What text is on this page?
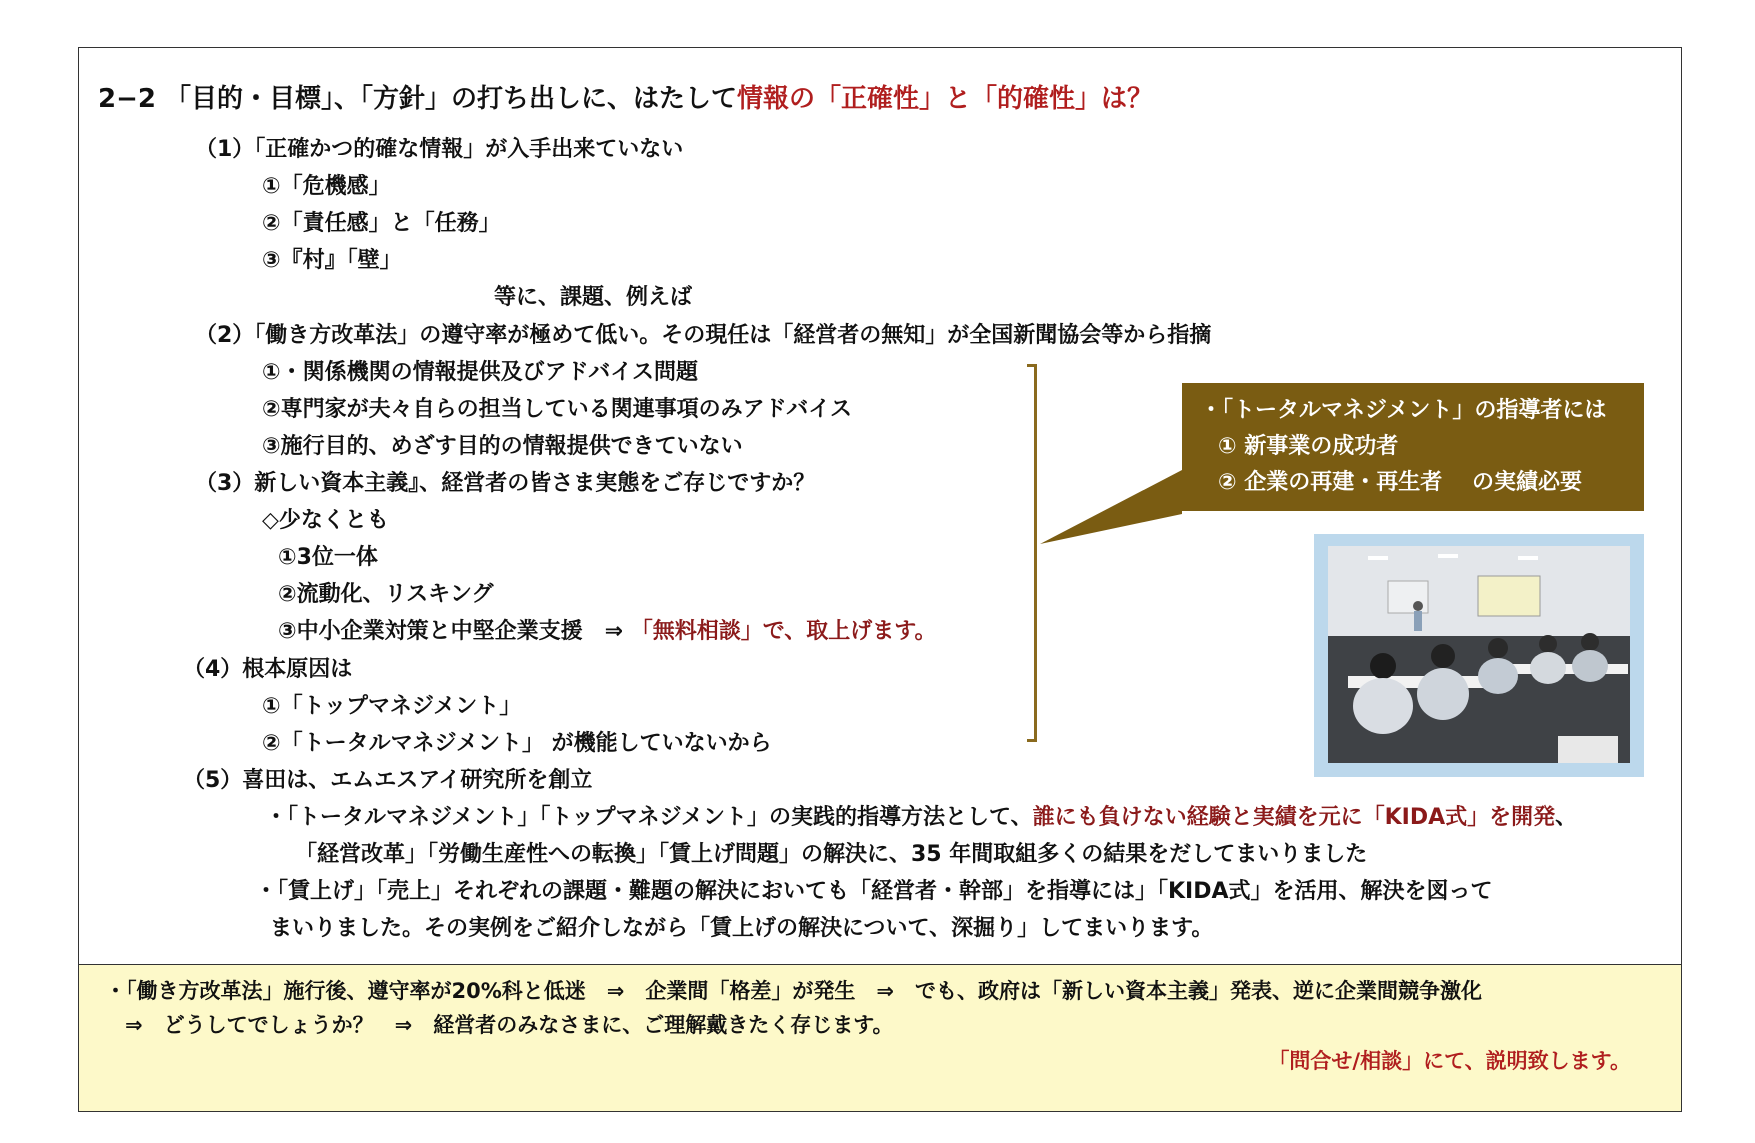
2−2 「目的・目標」、「方針」の打ち出しに、はたして情報の「正確性」と「的確性」は？
（1）「正確かつ的確な情報」が入手出来ていない
①「危機感」
②「責任感」と「任務」
③『村』「壁」
等に、課題、例えば
（2）「働き方改革法」の遵守率が極めて低い。その現任は「経営者の無知」が全国新聞協会等から指摘
①・関係機関の情報提供及びアドバイス問題
②専門家が夫々自らの担当している関連事項のみアドバイス
③施行目的、めざす目的の情報提供できていない
（3）新しい資本主義』、経営者の皆さま実態をご存じですか？
◇少なくとも
①3位一体
②流動化、リスキング
③中小企業対策と中堅企業支援　⇒ 「無料相談」で、取上げます。
（4）根本原因は
①「トップマネジメント」
②「トータルマネジメント」 が機能していないから
（5）喜田は、エムエスアイ研究所を創立
・「トータルマネジメント」「トップマネジメント」の実践的指導方法として、誰にも負けない経験と実績を元に「KIDA式」を開発、
「経営改革」「労働生産性への転換」「賃上げ問題」の解決に、35 年間取組多くの結果をだしてまいりました
・「賃上げ」「売上」それぞれの課題・難題の解決においても「経営者・幹部」を指導には」「KIDA式」を活用、解決を図って
まいりました。その実例をご紹介しながら「賃上げの解決について、深掘り」してまいります。
・「トータルマネジメント」の指導者には
① 新事業の成功者
② 企業の再建・再生者　 の実績必要
・「働き方改革法」施行後、遵守率が20%科と低迷　⇒　企業間「格差」が発生　⇒　でも、政府は「新しい資本主義」発表、逆に企業間競争激化
⇒　どうしてでしょうか？　⇒　経営者のみなさまに、ご理解戴きたく存じます。
「問合せ/相談」にて、説明致します。
